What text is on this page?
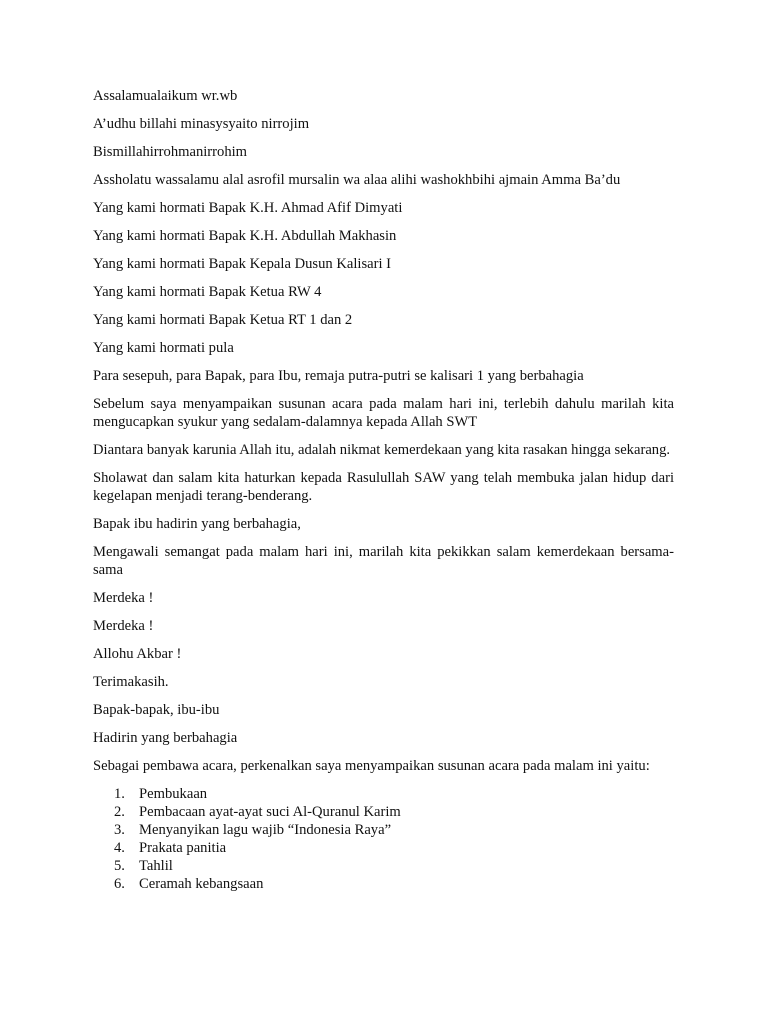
Assalamualaikum wr.wb

A’udhu billahi minasysyaito nirrojim

Bismillahirrohmanirrohim

Assholatu wassalamu alal asrofil mursalin wa alaa alihi washokhbihi ajmain Amma Ba’du

Yang kami hormati Bapak K.H. Ahmad Afif Dimyati

Yang kami hormati Bapak K.H. Abdullah Makhasin

Yang kami hormati Bapak Kepala Dusun Kalisari I

Yang kami hormati Bapak Ketua RW 4

Yang kami hormati Bapak Ketua RT 1 dan 2

Yang kami hormati pula

Para sesepuh, para Bapak, para Ibu, remaja putra-putri se kalisari 1 yang berbahagia

Sebelum saya menyampaikan susunan acara pada malam hari ini, terlebih dahulu marilah kita mengucapkan syukur yang sedalam-dalamnya kepada Allah SWT

Diantara banyak karunia Allah itu, adalah nikmat kemerdekaan yang kita rasakan hingga sekarang.

Sholawat dan salam kita haturkan kepada Rasulullah SAW yang telah membuka jalan hidup dari kegelapan menjadi terang-benderang.

Bapak ibu hadirin yang berbahagia,

Mengawali semangat pada malam hari ini, marilah kita pekikkan salam kemerdekaan bersama-sama

Merdeka !

Merdeka !

Allohu Akbar !

Terimakasih.

Bapak-bapak, ibu-ibu

Hadirin yang berbahagia

Sebagai pembawa acara, perkenalkan saya menyampaikan susunan acara pada malam ini yaitu:

1. Pembukaan
2. Pembacaan ayat-ayat suci Al-Quranul Karim
3. Menyanyikan lagu wajib “Indonesia Raya”
4. Prakata panitia
5. Tahlil
6. Ceramah kebangsaan
